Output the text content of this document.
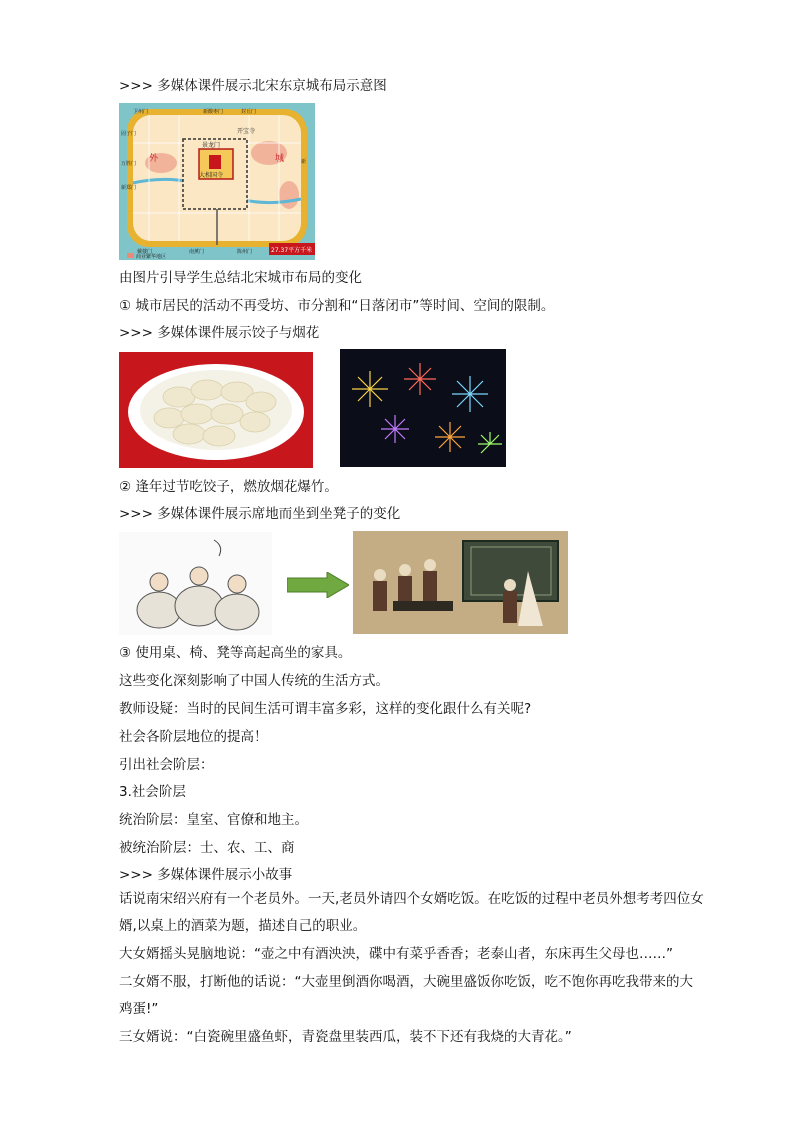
>>> 多媒体课件展示北宋东京城布局示意图
外	城
景龙门
开宝寺
大相国寺
卫州门	新酸枣门	封丘门
固子门
万胜门
新郑门
新
戴楼门	南薰门	陈州门	27.37平方千米
商业繁华地区
由图片引导学生总结北宋城市布局的变化
① 城市居民的活动不再受坊、市分割和“日落闭市”等时间、空间的限制。
>>> 多媒体课件展示饺子与烟花
② 逢年过节吃饺子，燃放烟花爆竹。
>>> 多媒体课件展示席地而坐到坐凳子的变化
③ 使用桌、椅、凳等高起高坐的家具。
这些变化深刻影响了中国人传统的生活方式。
教师设疑：当时的民间生活可谓丰富多彩，这样的变化跟什么有关呢?
社会各阶层地位的提高！
引出社会阶层：
3.社会阶层
统治阶层：皇室、官僚和地主。
被统治阶层：士、农、工、商
>>> 多媒体课件展示小故事
话说南宋绍兴府有一个老员外。一天,老员外请四个女婿吃饭。在吃饭的过程中老员外想考考四位女婿,以桌上的酒菜为题，描述自己的职业。
大女婿摇头晃脑地说：“壶之中有酒泱泱，碟中有菜乎香香；老泰山者，东床再生父母也……”
二女婿不服，打断他的话说：“大壶里倒酒你喝酒，大碗里盛饭你吃饭，吃不饱你再吃我带来的大鸡蛋!”
三女婿说：“白瓷碗里盛鱼虾，青瓷盘里装西瓜，装不下还有我烧的大青花。”
